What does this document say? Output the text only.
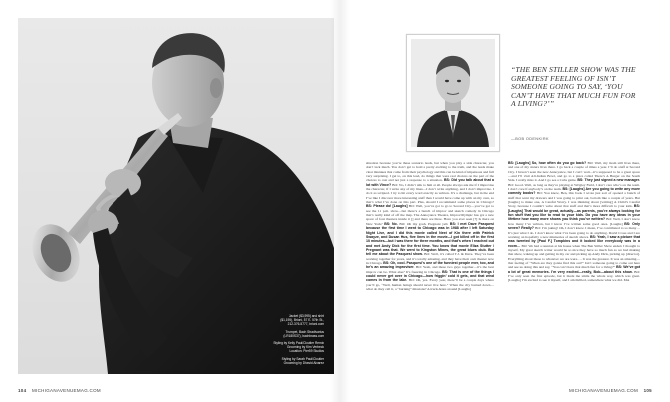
Jacket ($3,995) and shirt
($1,195), Brioni, 57 E. 57th St.,
212-376-5777, brioni.com
Trumpet, Bach Stradivarius
(LR180S37), bachbrass.com
Styling by Kelly Paul/Cloutier Remix
Grooming by Kim Verbeck
Location: Pier59 Studios
Styling by Sarah Paul/Cloutier
Grooming by Dhavid Alvarez
104 MICHIGANAVENUEMAG.COM
“THE BEN STILLER SHOW WAS THE GREATEST FEELING OF ISN’T SOMEONE GOING TO SAY, ‘YOU CAN’T HAVE THAT MUCH FUN FOR A LIVING?’”
—BOB ODENKIRK
situation because you’re these scenario leads, but when you play a side character, you don’t lack much. You don’t get to hold a pretty exciting to the truth, and the leads make clear mistakes that come from their psychology and this can be kind of impetuous and full very surprising. I get to, on this lead, do things that were real choices on the part of the choices to cast and not just a response to a situation. BS: Did you talk about that a lot with Vince? BO: No, I didn’t talk to him at all. People always ask me if I improvise the character, if I write any of my lines—I don’t write anything, and I don’t improvise. I do it as scripted. I try to hit every word exactly as written. It’s a challenge, but in the end I’ve like I discover more interesting stuff than I would have come up with on my own, so that’s what I’ve done on this part. Plus, should I recommend some places in Chicago? BS: Please do! [Laughs] BO: Well, you’ve got to go to Second City—you’ve got to see the 11 p.m. show—but there’s a bunch of improv and sketch comedy in Chicago that’s really kind of off the map. The Annoyance Theatre, ImprovOlympic has got a new space of four theaters inside it [] and there are three. Have you ever seen [?] Is there on New York? BS: No. BO: Oh my gosh. Pregnant yell. BS: I met Dave Pasquesi because the first time I went to Chicago was in 1988 after I left Saturday Night Live, and I did this movie called Next of Kin there with Patrick Swayze, and Dusan Hus, five lines in the movie—I got killed off in the first 10 minutes—but I was there for three months, and that’s when I reached out and met Andy Dick for the first time. You know that movie Eliza Stutter / Pregnant was that. We went to Kingston Mines, the great blues club. But tell me about the Pasquesi show. BO: Well, it’s called T.J. & Dave. They’ve been working together for years, and it’s totally amazing, and they have their own theater now in Chicago. BS: Oh, cool. Pasquesi’s one of the funniest people ever, too, and he’s an amazing improviser. BO: Yeah, and these two guys together—it’s the best improv can be. What else? It’s freezing in Chicago. BS: That is one of the things I could never get over in Chicago—how friggin’ cold it gets, and that wind comes in from the lake. BO: Oh, yes. Every year, there’ll be a couple days where you’ll go, “Well, human beings should never live here.” When the city burned down—what do they call it, a “burning” missions? A truck-holes around [Laughs]
BS: [Laughs] So, how often do you go back? BO: Well, my mom still lives there, and one of my sisters lives there. I go back a couple of times a year. I’ll do stuff at Second City. I haven’t seen the new Annoyance, but I can’t wait—it’s supposed to be a great space—and I’ll visit All-Indian Bowl, and go to a place called There’s A Burger on the South Side. I really miss it. And I go see a Cubs game. BS: They just signed a new manager. BO: Good. Well, as long as they’re playing at Wrigley Field, I don’t care who’s on the team. I don’t care if anybody’s on the team. BS: [Laughs] Are you going to write any more comedy books? BO: You know, Ben, this book I wrote just sort of opened a bunch of stuff that went my drawers and I was going to print out, bottom like a couple of years. But [laughs] to make one, A Careful Worry. I was thinking about [writing] A Child’s Careful Story, because I couldn’t write about that stuff and that’s more difficult to your kids. BS: [Laughs] That would be great, actually—as parents, you’re always looking for fun stuff that you like to read to your kids. Do you have any ideas in your lifetime how many more shows you think you’ve written? BO: Well, I don’t know how many I’ve written, but I know I’ve written some good ones. [Laughs] BS: Only seven? Really? BO: I’m joking! Oh, I don’t know. I mean, I’ve contributed to so many… It’s just what I do. I don’t know what I’ve been going to do anything. David Cross and I are working on hopefully a new miniseries of sketch shows. BS: Yeah, I saw a picture that was tweeted by [Paul F.] Tompkins and it looked like everybody was in a room… BO: We had a reunion at his house when The Ben Stiller Show ended. I thought to myself, My great sketch writer would be so nice they have so much fun as we had making that show, waking up and getting in my car and picking up Andy Dick, picking up [director]. Everything about those to whatever we are were…. It was the greatest. It was an amazing—that feeling of “When are they gonna find this out?” Isn’t someone going to come out here and see us doing this and say, “You can’t have that much fun for a living?” BS: We’ve got a lot of great memories. I’m very excited—really, Bob—about this show. BO: I’ve only seen the first episode, but it made me smile the whole way, which was great. [Laughs] I’m excited to see it myself, and I am thrilled, somewhere what we did. MA
MICHIGANAVENUEMAG.COM 105
